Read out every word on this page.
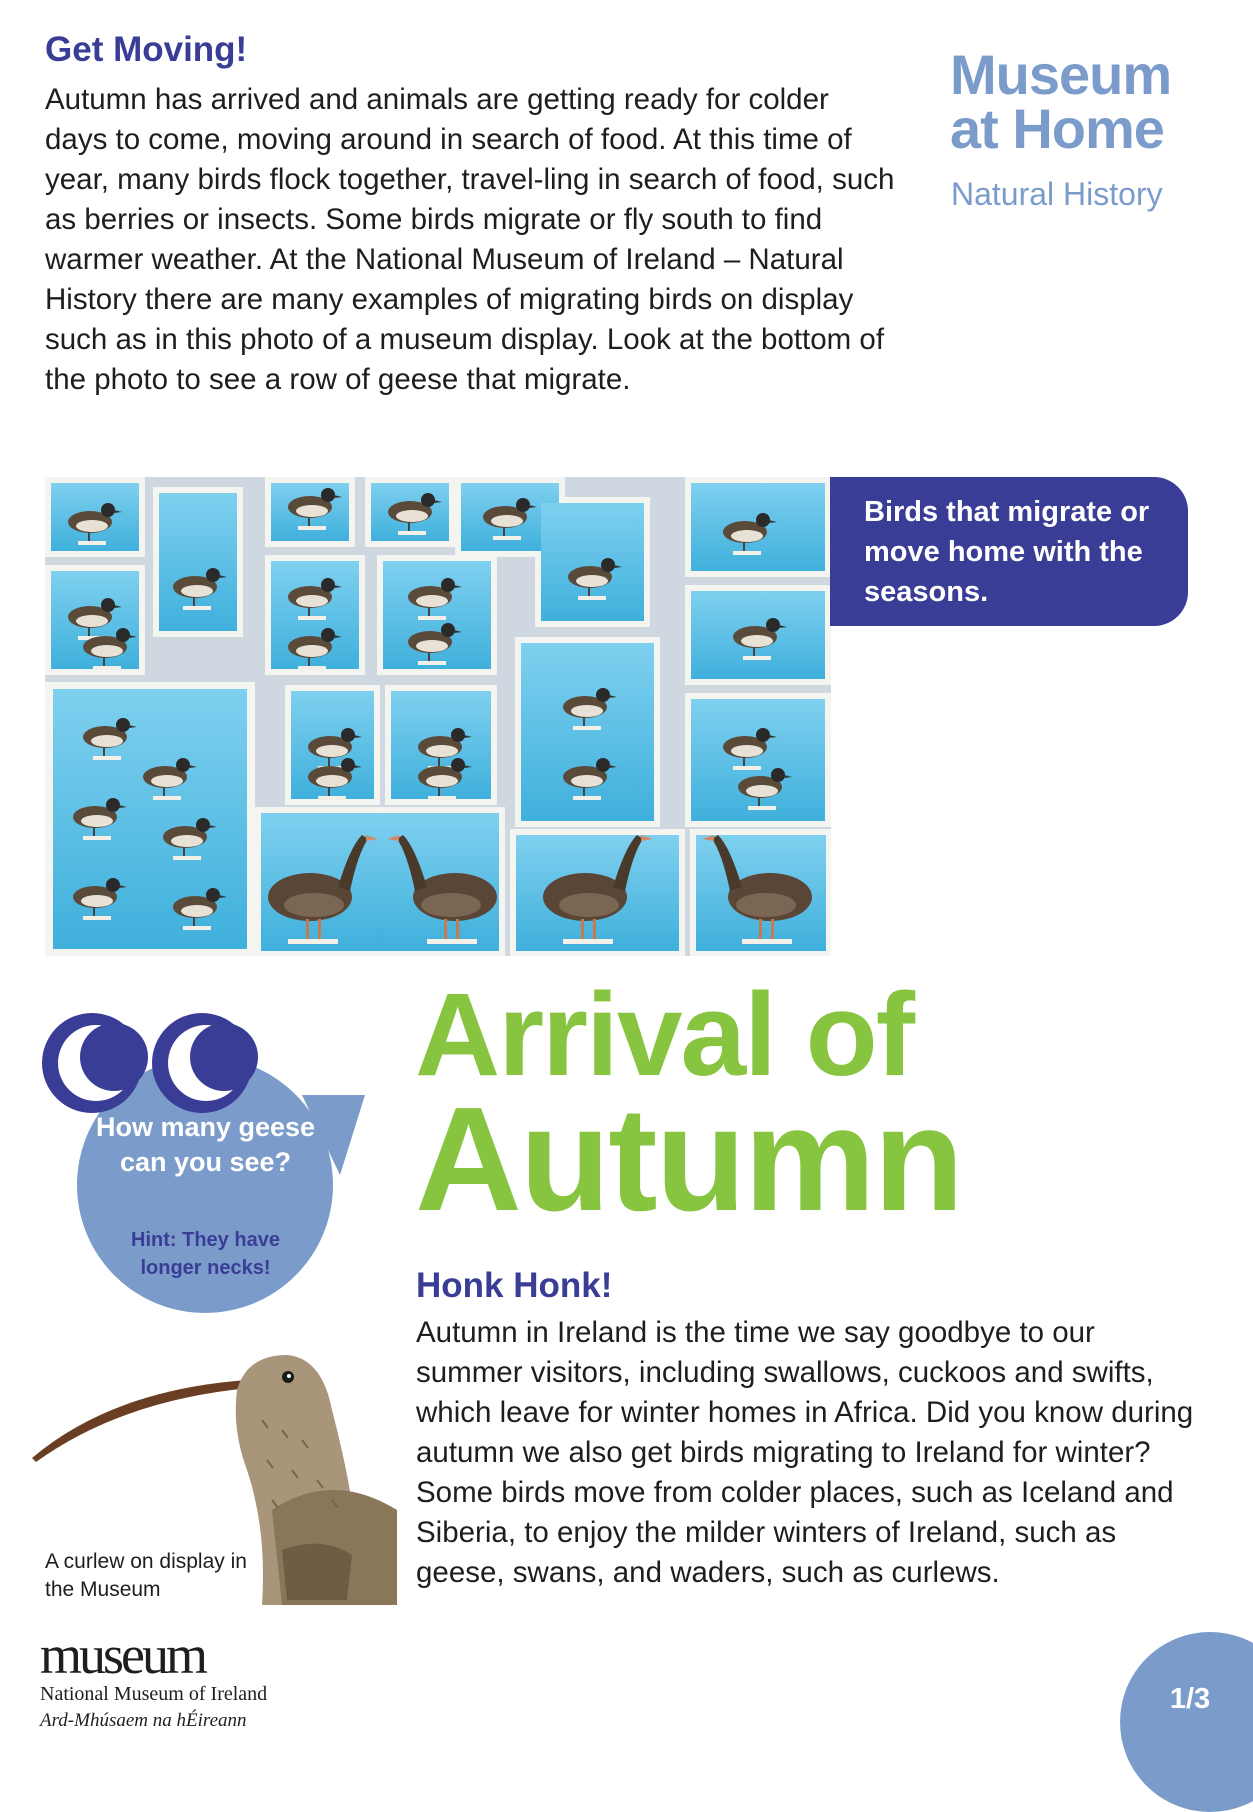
Get Moving!

Autumn has arrived and animals are getting ready for colder days to come, moving around in search of food. At this time of year, many birds flock together, travel-ling in search of food, such as berries or insects. Some birds migrate or fly south to find warmer weather. At the National Museum of Ireland – Natural History there are many examples of migrating birds on display such as in this photo of a museum display. Look at the bottom of the photo to see a row of geese that migrate.

Museum
at Home
Natural History
Birds that migrate or move home with the seasons.
How many geese can you see?
Hint: They have longer necks!
Arrival of
Autumn
Honk Honk!

Autumn in Ireland is the time we say goodbye to our summer visitors, including swallows, cuckoos and swifts, which leave for winter homes in Africa. Did you know during autumn we also get birds migrating to Ireland for winter? Some birds move from colder places, such as Iceland and Siberia, to enjoy the milder winters of Ireland, such as geese, swans, and waders, such as curlews.

A curlew on display in the Museum
museum
National Museum of Ireland
Ard-Mhúsaem na hÉireann
1/3
